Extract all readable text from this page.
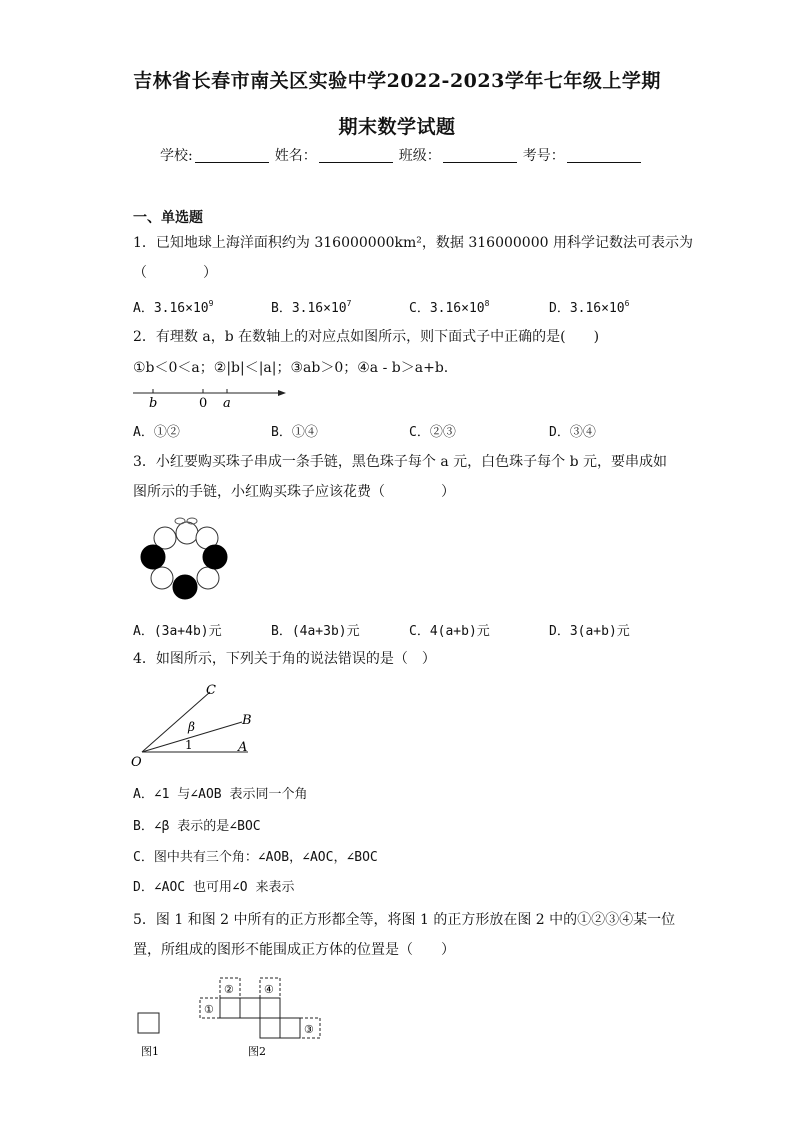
吉林省长春市南关区实验中学2022-2023学年七年级上学期
期末数学试题
学校:	姓名：	班级：	考号：
一、单选题
1．已知地球上海洋面积约为 316000000km²，数据 316000000 用科学记数法可表示为
（　　　　）
A．$3.16\times 10^9$	B．$3.16\times 10^7$	C．$3.16\times 10^8$	D．$3.16\times 10^6$
2．有理数 a，b 在数轴上的对应点如图所示，则下面式子中正确的是(　　)
①b＜0＜a；②|b|＜|a|；③ab＞0；④a - b＞a+b.
b	0 a
A．①②	B．①④	C．②③	D．③④
3．小红要购买珠子串成一条手链，黑色珠子每个 a 元，白色珠子每个 b 元，要串成如
图所示的手链，小红购买珠子应该花费（　　　　）
A．(3a+4b)元	B．(4a+3b)元	C．4(a+b)元	D．3(a+b)元
4．如图所示，下列关于角的说法错误的是（　）
O
A
B
C
β
1
A．∠1 与∠AOB 表示同一个角
B．∠β 表示的是∠BOC
C．图中共有三个角：∠AOB，∠AOC，∠BOC
D．∠AOC 也可用∠O 来表示
5．图 1 和图 2 中所有的正方形都全等，将图 1 的正方形放在图 2 中的①②③④某一位
置，所组成的图形不能围成正方体的位置是（　　）
图1
①
②
③
④
图2
